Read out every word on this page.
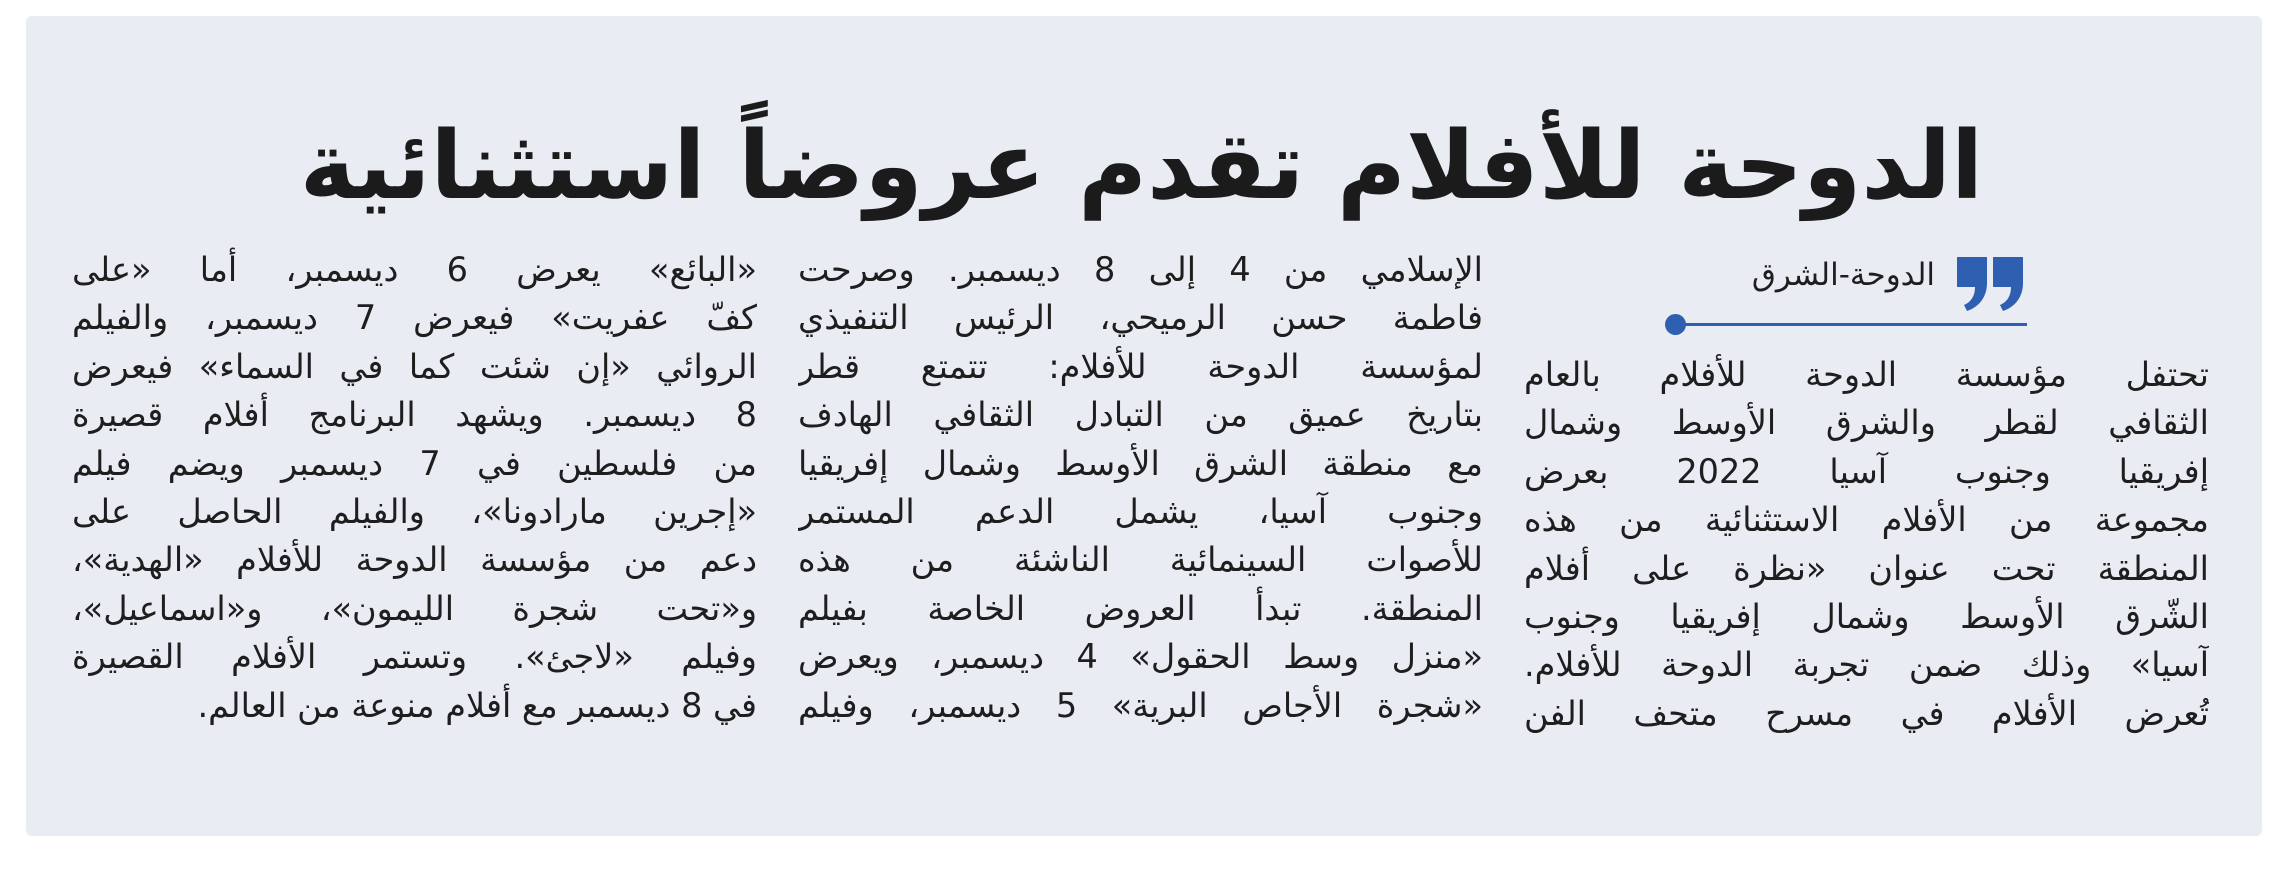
الدوحة للأفلام تقدم عروضاً استثنائية
الدوحة-الشرق
تحتفل مؤسسة الدوحة للأفلام بالعام
الثقافي لقطر والشرق الأوسط وشمال
إفريقيا وجنوب آسيا 2022 بعرض
مجموعة من الأفلام الاستثنائية من هذه
المنطقة تحت عنوان «نظرة على أفلام
الشّرق الأوسط وشمال إفريقيا وجنوب
آسيا» وذلك ضمن تجربة الدوحة للأفلام.
تُعرض الأفلام في مسرح متحف الفن
الإسلامي من 4 إلى 8 ديسمبر. وصرحت
فاطمة حسن الرميحي، الرئيس التنفيذي
لمؤسسة الدوحة للأفلام: تتمتع قطر
بتاريخ عميق من التبادل الثقافي الهادف
مع منطقة الشرق الأوسط وشمال إفريقيا
وجنوب آسيا، يشمل الدعم المستمر
للأصوات السينمائية الناشئة من هذه
المنطقة. تبدأ العروض الخاصة بفيلم
«منزل وسط الحقول» 4 ديسمبر، ويعرض
«شجرة الأجاص البرية» 5 ديسمبر، وفيلم
«البائع» يعرض 6 ديسمبر، أما «على
كفّ عفريت» فيعرض 7 ديسمبر، والفيلم
الروائي «إن شئت كما في السماء» فيعرض
8 ديسمبر. ويشهد البرنامج أفلام قصيرة
من فلسطين في 7 ديسمبر ويضم فيلم
«إجرين مارادونا»، والفيلم الحاصل على
دعم من مؤسسة الدوحة للأفلام «الهدية»،
و«تحت شجرة الليمون»، و«اسماعيل»،
وفيلم «لاجئ». وتستمر الأفلام القصيرة
في 8 ديسمبر مع أفلام منوعة من العالم.
